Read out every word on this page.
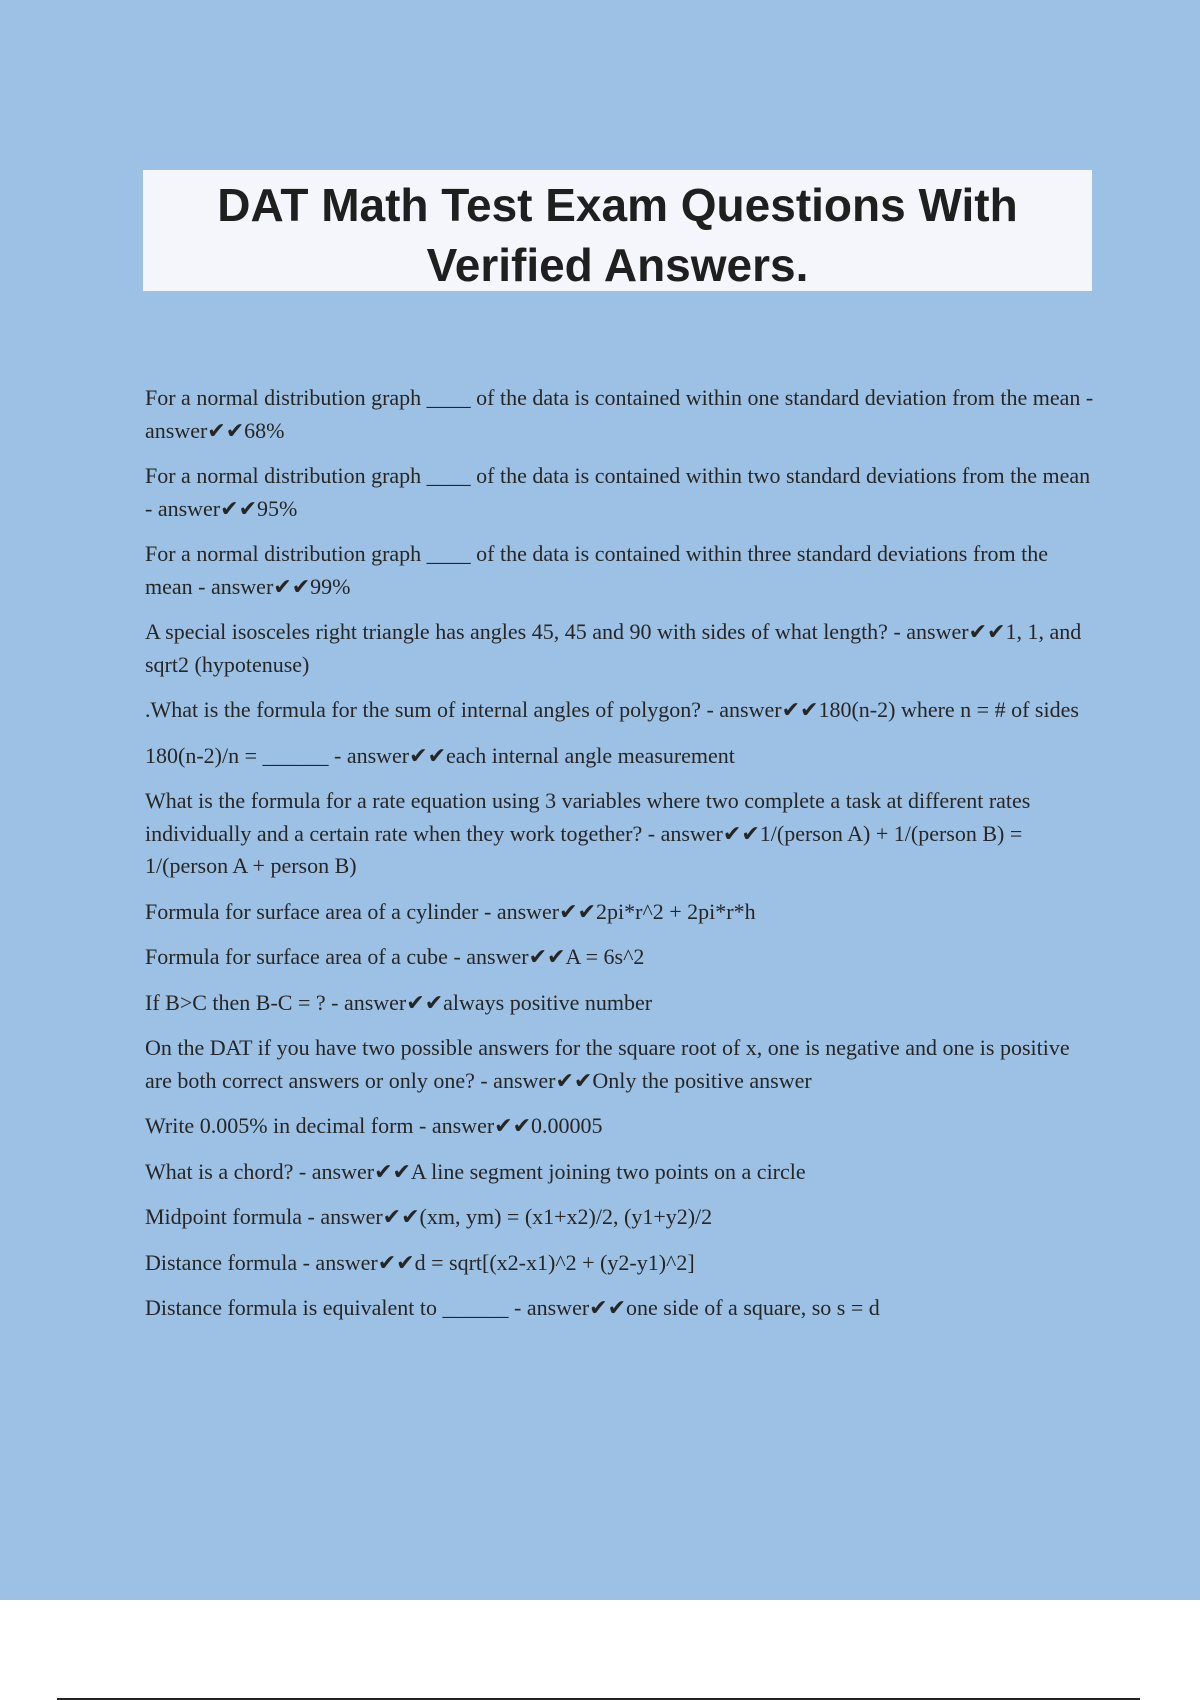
DAT Math Test Exam Questions With Verified Answers.

For a normal distribution graph ____ of the data is contained within one standard deviation from the mean - answer✔✔68%

For a normal distribution graph ____ of the data is contained within two standard deviations from the mean - answer✔✔95%

For a normal distribution graph ____ of the data is contained within three standard deviations from the mean - answer✔✔99%

A special isosceles right triangle has angles 45, 45 and 90 with sides of what length? - answer✔✔1, 1, and sqrt2 (hypotenuse)

.What is the formula for the sum of internal angles of polygon? - answer✔✔180(n-2) where n = # of sides

180(n-2)/n = ______ - answer✔✔each internal angle measurement

What is the formula for a rate equation using 3 variables where two complete a task at different rates individually and a certain rate when they work together? - answer✔✔1/(person A) + 1/(person B) = 1/(person A + person B)

Formula for surface area of a cylinder - answer✔✔2pi*r^2 + 2pi*r*h

Formula for surface area of a cube - answer✔✔A = 6s^2

If B>C then B-C = ? - answer✔✔always positive number

On the DAT if you have two possible answers for the square root of x, one is negative and one is positive are both correct answers or only one? - answer✔✔Only the positive answer

Write 0.005% in decimal form - answer✔✔0.00005

What is a chord? - answer✔✔A line segment joining two points on a circle

Midpoint formula - answer✔✔(xm, ym) = (x1+x2)/2, (y1+y2)/2

Distance formula - answer✔✔d = sqrt[(x2-x1)^2 + (y2-y1)^2]

Distance formula is equivalent to ______ - answer✔✔one side of a square, so s = d
